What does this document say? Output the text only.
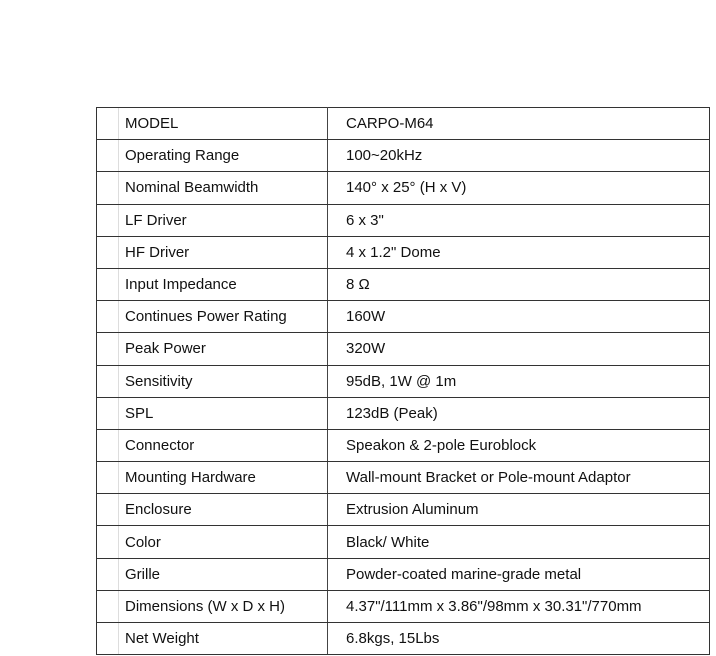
MODEL	CARPO-M64
Operating Range	100~20kHz
Nominal Beamwidth	140° x 25° (H x V)
LF Driver	6 x 3"
HF Driver	4 x 1.2" Dome
Input Impedance	8 Ω
Continues Power Rating	160W
Peak Power	320W
Sensitivity	95dB, 1W @ 1m
SPL	123dB (Peak)
Connector	Speakon & 2-pole Euroblock
Mounting Hardware	Wall-mount Bracket or Pole-mount Adaptor
Enclosure	Extrusion Aluminum
Color	Black/ White
Grille	Powder-coated marine-grade metal
Dimensions (W x D x H)	4.37"/111mm x 3.86"/98mm x 30.31"/770mm
Net Weight	6.8kgs, 15Lbs
